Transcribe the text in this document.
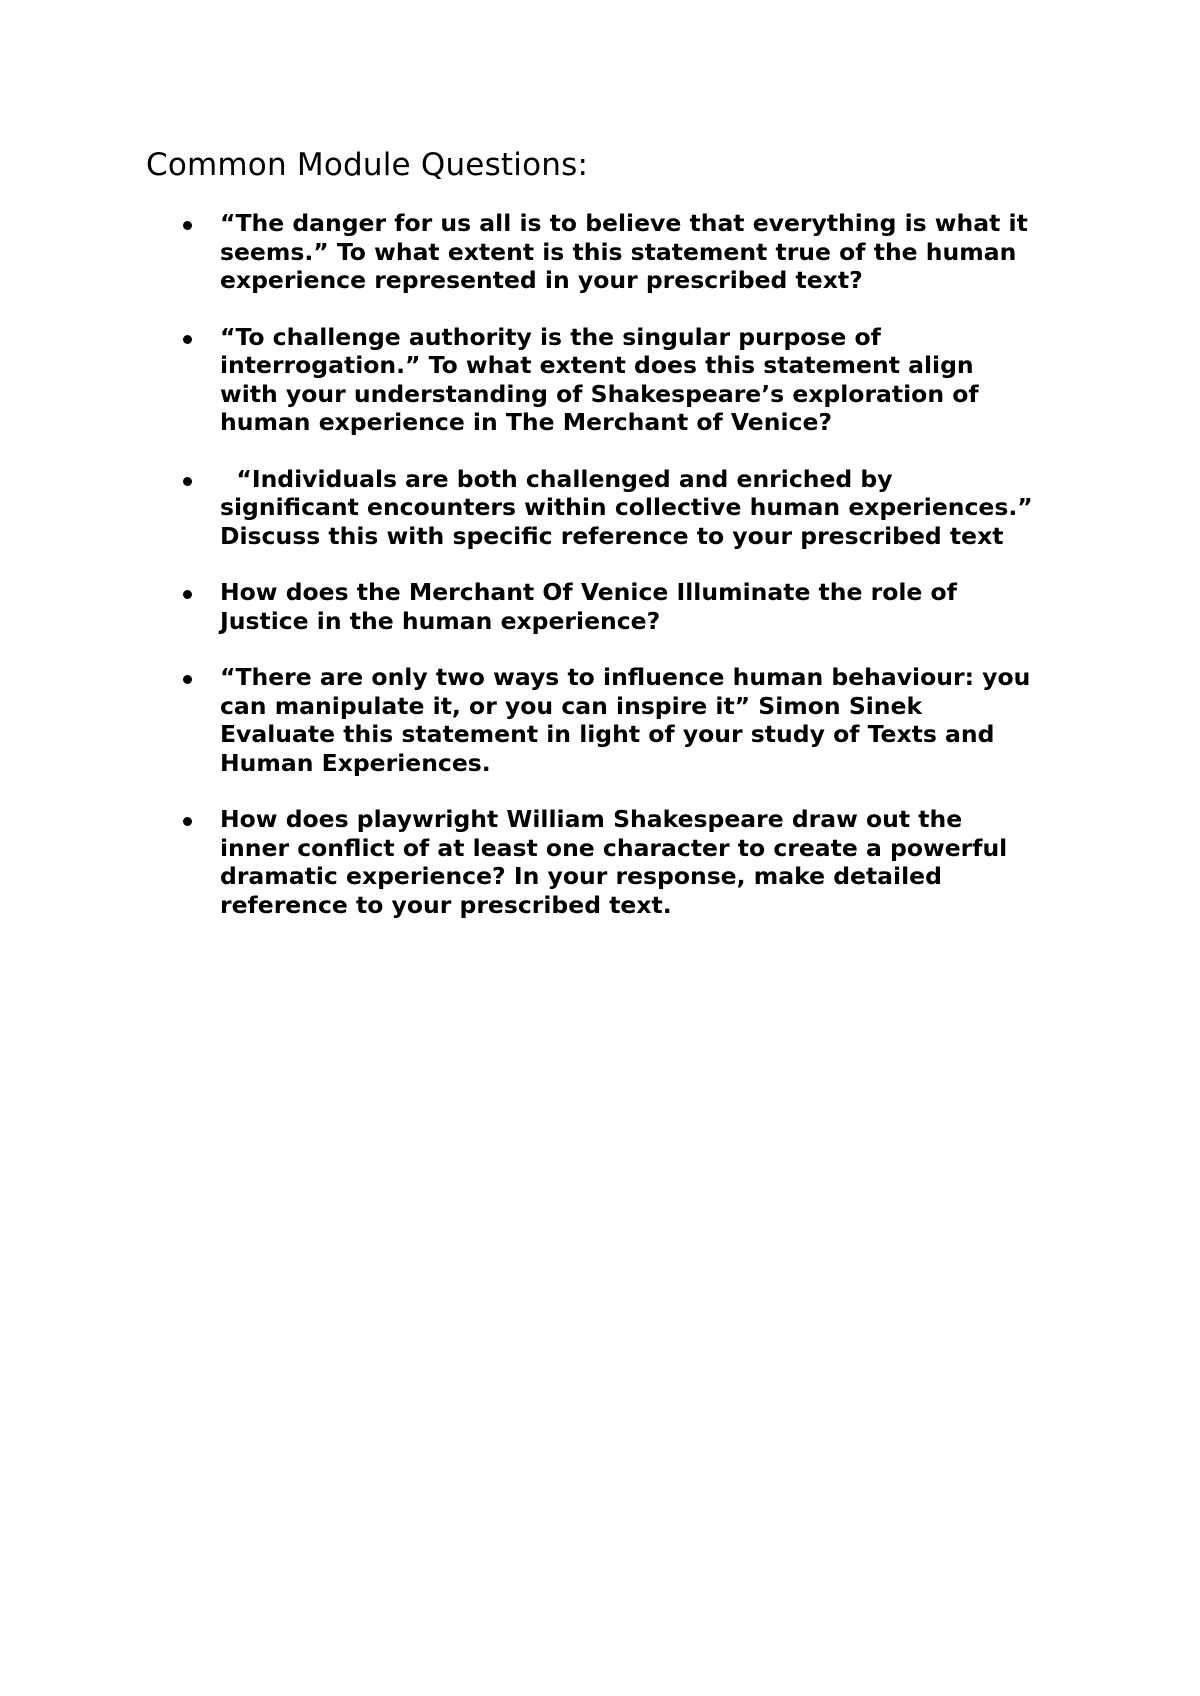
Common Module Questions:
“The danger for us all is to believe that everything is what it
seems.” To what extent is this statement true of the human
experience represented in your prescribed text?
“To challenge authority is the singular purpose of
interrogation.” To what extent does this statement align
with your understanding of Shakespeare’s exploration of
human experience in The Merchant of Venice?
“Individuals are both challenged and enriched by
significant encounters within collective human experiences.”
Discuss this with specific reference to your prescribed text
How does the Merchant Of Venice Illuminate the role of
Justice in the human experience?
“There are only two ways to influence human behaviour: you
can manipulate it, or you can inspire it” Simon Sinek
Evaluate this statement in light of your study of Texts and
Human Experiences.
How does playwright William Shakespeare draw out the
inner conflict of at least one character to create a powerful
dramatic experience? In your response, make detailed
reference to your prescribed text.
